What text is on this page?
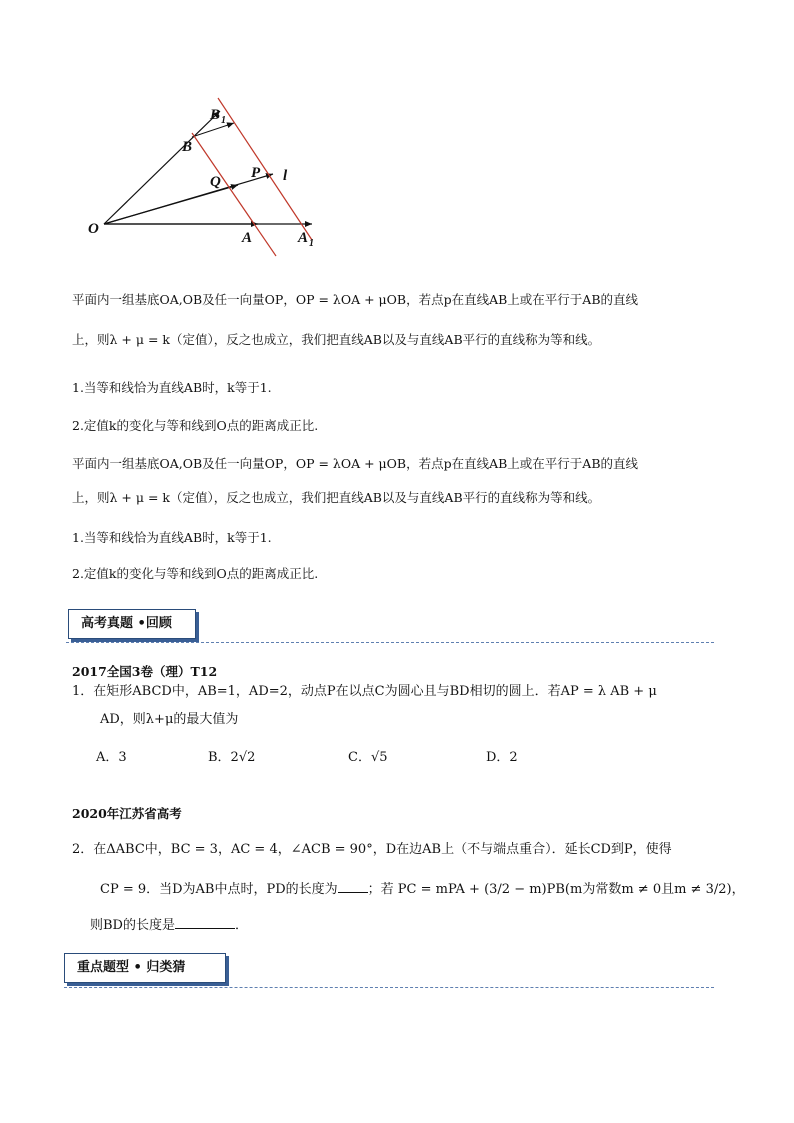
O
A	A 1
B
B 1
Q
P l
平面内一组基底OA,OB及任一向量OP，OP = λOA + μOB，若点p在直线AB上或在平行于AB的直线
上，则λ + μ = k（定值），反之也成立，我们把直线AB以及与直线AB平行的直线称为等和线。
1.当等和线恰为直线AB时，k等于1.
2.定值k的变化与等和线到O点的距离成正比.
平面内一组基底OA,OB及任一向量OP，OP = λOA + μOB，若点p在直线AB上或在平行于AB的直线
上，则λ + μ = k（定值），反之也成立，我们把直线AB以及与直线AB平行的直线称为等和线。
1.当等和线恰为直线AB时，k等于1.
2.定值k的变化与等和线到O点的距离成正比.
高考真题 •回顾
2017全国3卷（理）T12
1．在矩形ABCD中，AB=1，AD=2，动点P在以点C为圆心且与BD相切的圆上．若AP = λ AB + μ
AD，则λ+μ的最大值为
A．3	B．2√2	C．√5	D．2
2020年江苏省高考
2．在ΔABC中，BC = 3，AC = 4，∠ACB = 90°，D在边AB上（不与端点重合）．延长CD到P，使得
CP = 9．当D为AB中点时，PD的长度为 ；若 PC = mPA + (3/2 − m)PB(m为常数m ≠ 0且m ≠ 3/2)，
则BD的长度是	．
重点题型 • 归类猜
